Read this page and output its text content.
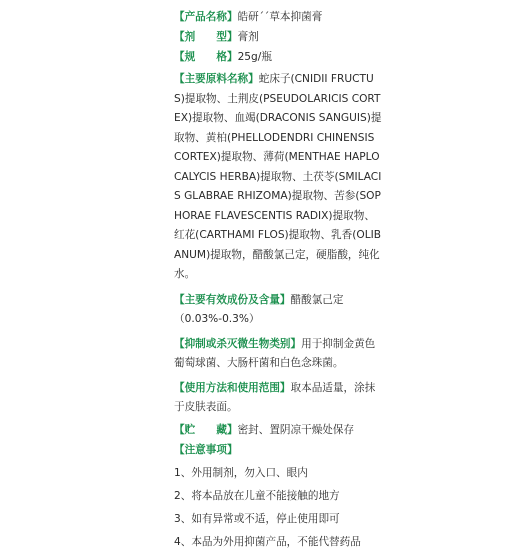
【产品名称】皓研´´草本抑菌膏
【剂　　型】膏剂
【规　　格】25g/瓶
【主要原料名称】蛇床子(CNIDII FRUCTUS)提取物、土荆皮(PSEUDOLARICIS CORTEX)提取物、血竭(DRACONIS SANGUIS)提取物、黄柏(PHELLODENDRI CHINENSIS CORTEX)提取物、薄荷(MENTHAE HAPLOCALYCIS HERBA)提取物、土茯苓(SMILACIS GLABRAE RHIZOMA)提取物、苦参(SOPHORAE FLAVESCENTIS RADIX)提取物、红花(CARTHAMI FLOS)提取物、乳香(OLIBANUM)提取物，醋酸氯己定，硬脂酸，纯化水。
【主要有效成份及含量】醋酸氯己定
（0.03%-0.3%）
【抑制或杀灭微生物类别】用于抑制金黄色葡萄球菌、大肠杆菌和白色念珠菌。
【使用方法和使用范围】取本品适量，涂抹于皮肤表面。
【贮　　藏】密封、置阴凉干燥处保存
【注意事项】
1、外用制剂，勿入口、眼内
2、将本品放在儿童不能接触的地方
3、如有异常或不适，停止使用即可
4、本品为外用抑菌产品，不能代替药品
